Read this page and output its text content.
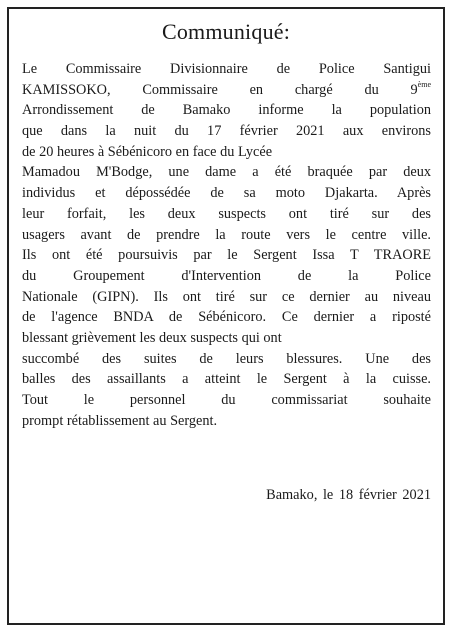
Communiqué:
Le Commissaire Divisionnaire de Police Santigui
KAMISSOKO, Commissaire en chargé du 9ème
Arrondissement de Bamako informe la population
que dans la nuit du 17 février 2021 aux environs
de 20 heures à Sébénicoro en face du Lycée
Mamadou M'Bodge, une dame a été braquée par deux
individus et dépossédée de sa moto Djakarta. Après
leur forfait, les deux suspects ont tiré sur des
usagers avant de prendre la route vers le centre ville.
Ils ont été poursuivis par le Sergent Issa T TRAORE
du Groupement d'Intervention de la Police
Nationale (GIPN). Ils ont tiré sur ce dernier au niveau
de l'agence BNDA de Sébénicoro. Ce dernier a riposté
blessant grièvement les deux suspects qui ont
succombé des suites de leurs blessures. Une des
balles des assaillants a atteint le Sergent à la cuisse.
Tout le personnel du commissariat souhaite
prompt rétablissement au Sergent.
Bamako, le 18 février 2021
